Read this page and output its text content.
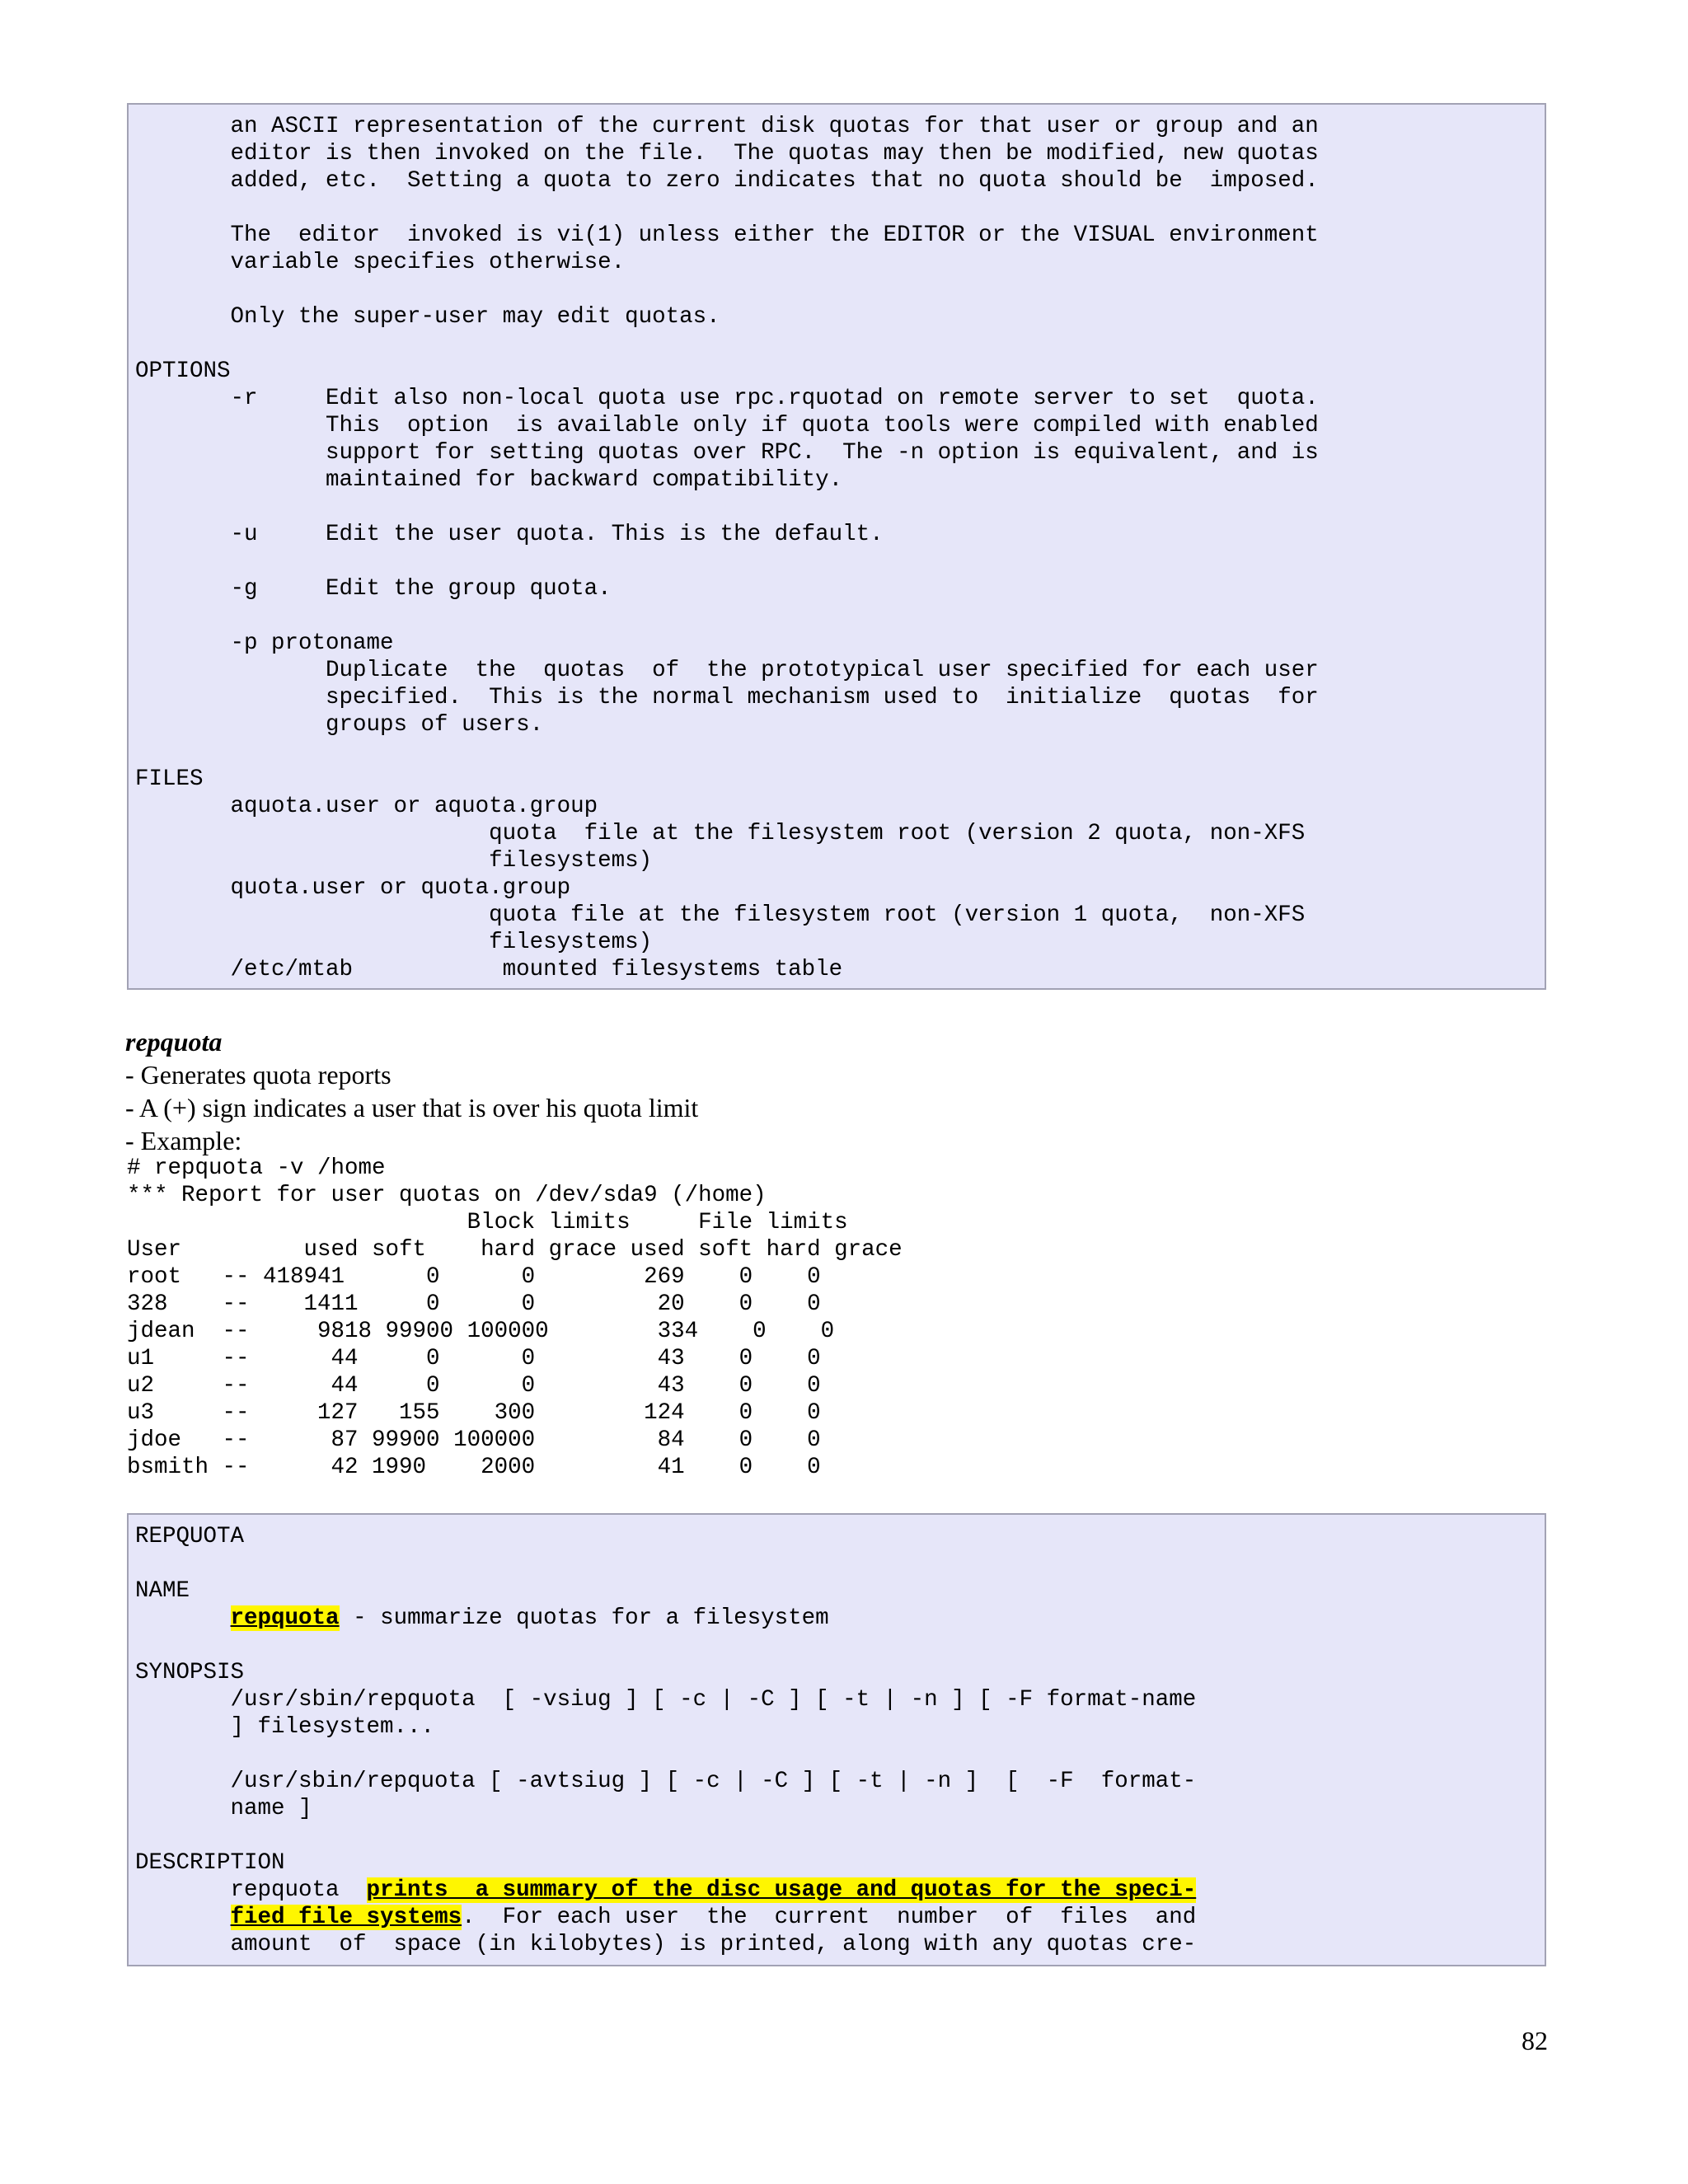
an ASCII representation of the current disk quotas for that user or group and an
editor is then invoked on the file.  The quotas may then be modified, new quotas
added, etc.  Setting a quota to zero indicates that no quota should be  imposed.

The  editor  invoked is vi(1) unless either the EDITOR or the VISUAL environment
variable specifies otherwise.

Only the super-user may edit quotas.

OPTIONS
-r     Edit also non-local quota use rpc.rquotad on remote server to set  quota.
This  option  is available only if quota tools were compiled with enabled
support for setting quotas over RPC.  The -n option is equivalent, and is
maintained for backward compatibility.

-u     Edit the user quota. This is the default.

-g     Edit the group quota.

-p protoname
Duplicate  the  quotas  of  the prototypical user specified for each user
specified.  This is the normal mechanism used to  initialize  quotas  for
groups of users.

FILES
aquota.user or aquota.group
quota  file at the filesystem root (version 2 quota, non-XFS
filesystems)
quota.user or quota.group
quota file at the filesystem root (version 1 quota,  non-XFS
filesystems)
/etc/mtab           mounted filesystems table
repquota
- Generates quota reports
- A (+) sign indicates a user that is over his quota limit
- Example:
# repquota -v /home
*** Report for user quotas on /dev/sda9 (/home)
Block limits     File limits
User         used soft    hard grace used soft hard grace
root   -- 418941      0      0        269    0    0
328    --    1411     0      0         20    0    0
jdean  --     9818 99900 100000        334    0    0
u1     --      44     0      0         43    0    0
u2     --      44     0      0         43    0    0
u3     --     127   155    300        124    0    0
jdoe   --      87 99900 100000         84    0    0
bsmith --      42 1990    2000         41    0    0
REPQUOTA

NAME
repquota - summarize quotas for a filesystem

SYNOPSIS
/usr/sbin/repquota  [ -vsiug ] [ -c | -C ] [ -t | -n ] [ -F format-name
] filesystem...

/usr/sbin/repquota [ -avtsiug ] [ -c | -C ] [ -t | -n ]  [  -F  format-
name ]

DESCRIPTION
repquota  prints  a summary of the disc usage and quotas for the speci-
fied file systems.  For each user  the  current  number  of  files  and
amount  of  space (in kilobytes) is printed, along with any quotas cre-
82
